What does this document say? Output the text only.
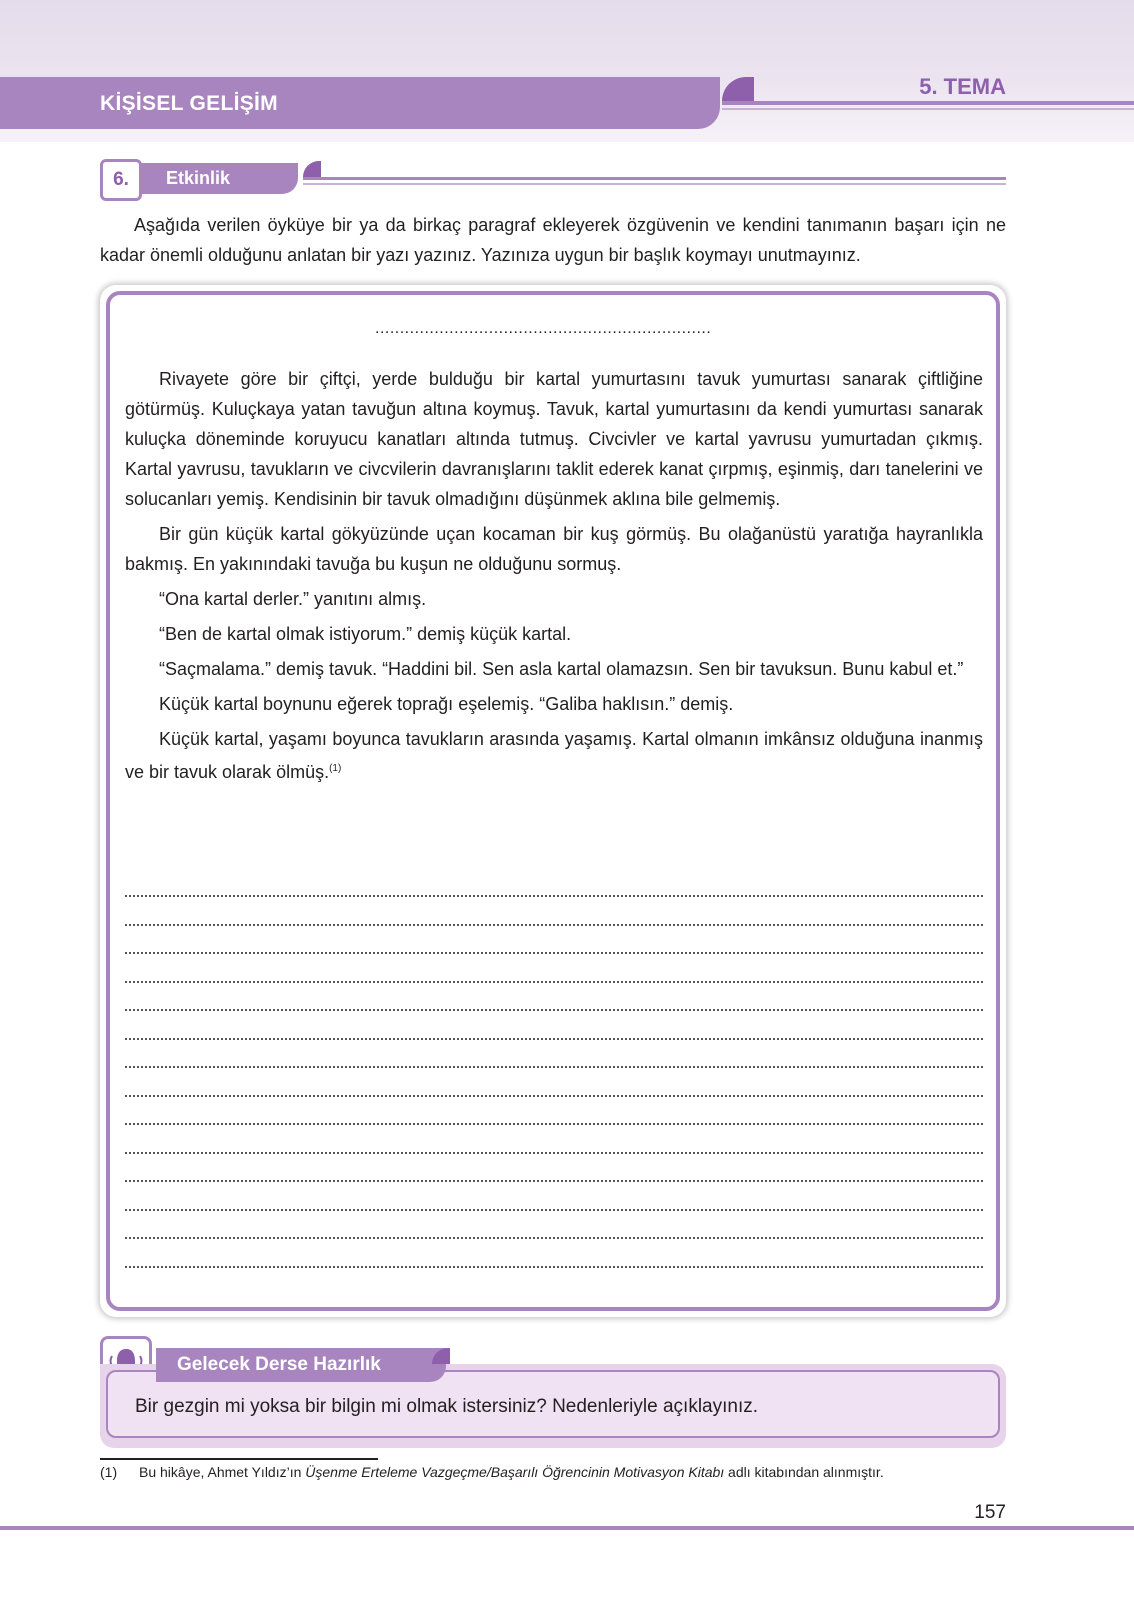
KİŞİSEL GELİŞİM
5. TEMA
6.	Etkinlik

Aşağıda verilen öyküye bir ya da birkaç paragraf ekleyerek özgüvenin ve kendini tanımanın başarı için ne kadar önemli olduğunu anlatan bir yazı yazınız. Yazınıza uygun bir başlık koymayı unutmayınız.

....................................................................

Rivayete göre bir çiftçi, yerde bulduğu bir kartal yumurtasını tavuk yumurtası sanarak çiftliğine götürmüş. Kuluçkaya yatan tavuğun altına koymuş. Tavuk, kartal yumurtasını da kendi yumurtası sanarak kuluçka döneminde koruyucu kanatları altında tutmuş. Civcivler ve kartal yavrusu yumurtadan çıkmış. Kartal yavrusu, tavukların ve civcvilerin davranışlarını taklit ederek kanat çırpmış, eşinmiş, darı tanelerini ve solucanları yemiş. Kendisinin bir tavuk olmadığını düşünmek aklına bile gelmemiş.

Bir gün küçük kartal gökyüzünde uçan kocaman bir kuş görmüş. Bu olağanüstü yaratığa hayranlıkla bakmış. En yakınındaki tavuğa bu kuşun ne olduğunu sormuş.

“Ona kartal derler.” yanıtını almış.

“Ben de kartal olmak istiyorum.” demiş küçük kartal.

“Saçmalama.” demiş tavuk. “Haddini bil. Sen asla kartal olamazsın. Sen bir tavuksun. Bunu kabul et.”

Küçük kartal boynunu eğerek toprağı eşelemiş. “Galiba haklısın.” demiş.

Küçük kartal, yaşamı boyunca tavukların arasında yaşamış. Kartal olmanın imkânsız olduğuna inanmış ve bir tavuk olarak ölmüş.$^{(1)}$

Gelecek Derse Hazırlık
Bir gezgin mi yoksa bir bilgin mi olmak istersiniz? Nedenleriyle açıklayınız.
(1) Bu hikâye, Ahmet Yıldız’ın Üşenme Erteleme Vazgeçme/Başarılı Öğrencinin Motivasyon Kitabı adlı kitabından alınmıştır.
157
